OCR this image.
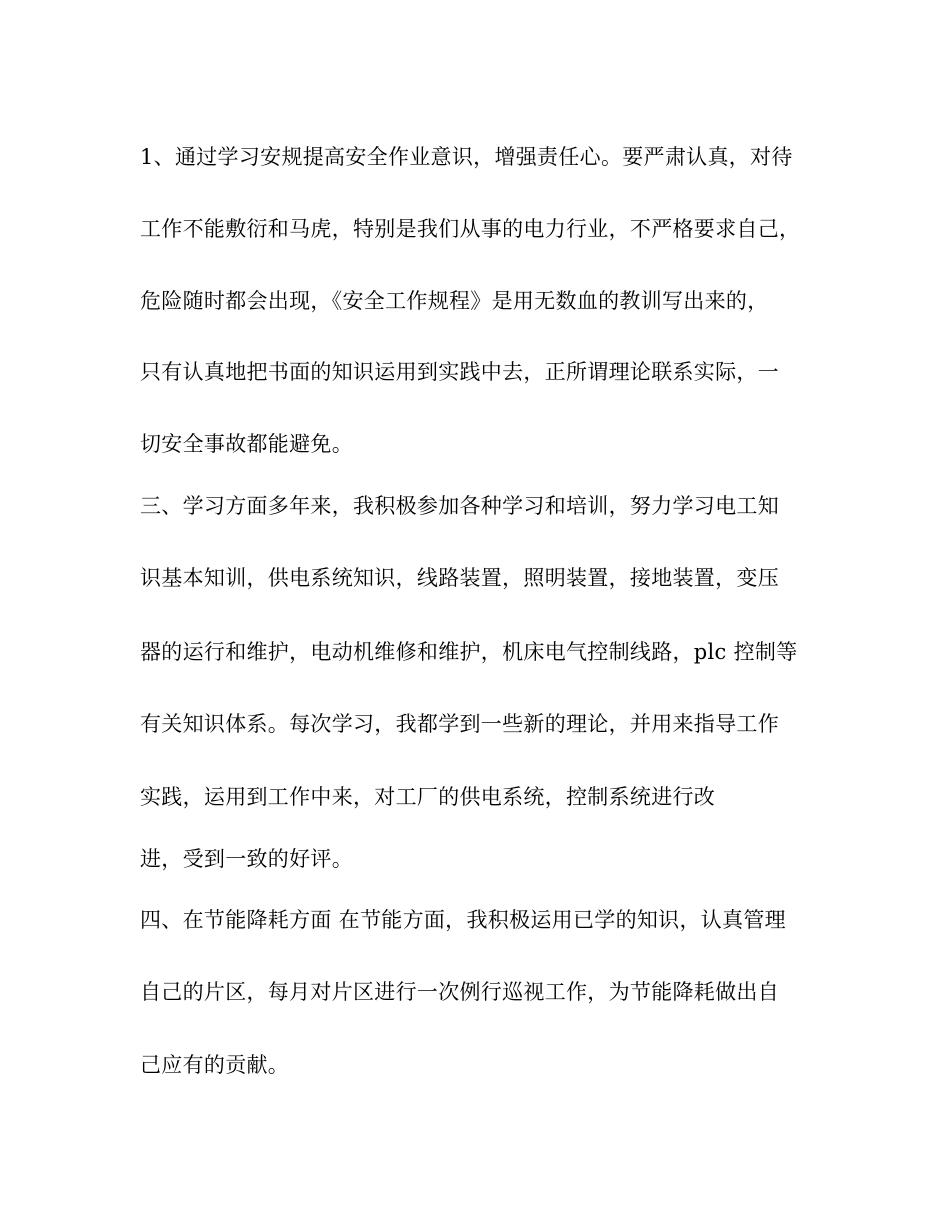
1、通过学习安规提高安全作业意识，增强责任心。要严肃认真，对待
工作不能敷衍和马虎，特别是我们从事的电力行业，不严格要求自己，
危险随时都会出现，《安全工作规程》是用无数血的教训写出来的，
只有认真地把书面的知识运用到实践中去，正所谓理论联系实际，一
切安全事故都能避免。
三、学习方面多年来，我积极参加各种学习和培训，努力学习电工知
识基本知训，供电系统知识，线路装置，照明装置，接地装置，变压
器的运行和维护，电动机维修和维护，机床电气控制线路，plc 控制等
有关知识体系。每次学习，我都学到一些新的理论，并用来指导工作
实践，运用到工作中来，对工厂的供电系统，控制系统进行改
进，受到一致的好评。
四、在节能降耗方面 在节能方面，我积极运用已学的知识，认真管理
自己的片区，每月对片区进行一次例行巡视工作，为节能降耗做出自
己应有的贡献。
